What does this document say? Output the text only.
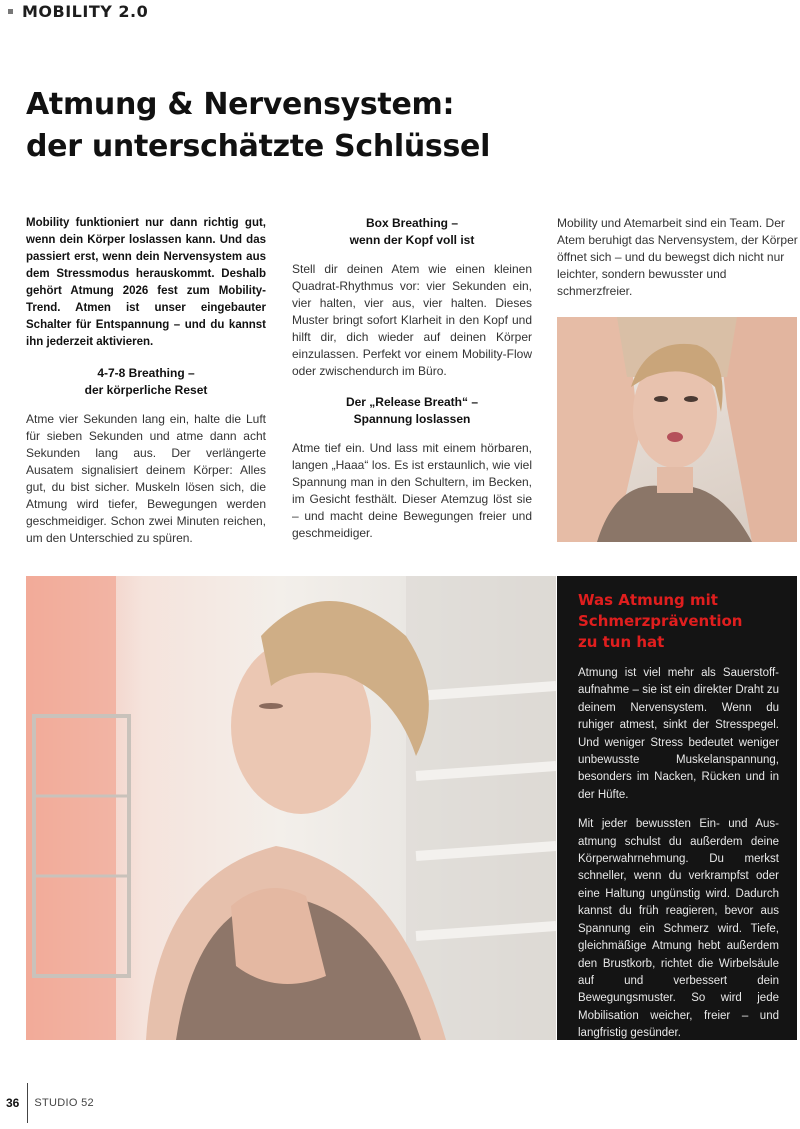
MOBILITY 2.0
Atmung & Nervensystem:
der unterschätzte Schlüssel

Mobility funktioniert nur dann richtig gut, wenn dein Körper loslassen kann. Und das passiert erst, wenn dein Nervensystem aus dem Stressmodus herauskommt. Deshalb gehört Atmung 2026 fest zum Mobility-Trend. Atmen ist unser eingebauter Schalter für Entspannung – und du kannst ihn jederzeit aktivieren.

4-7-8 Breathing –
der körperliche Reset

Atme vier Sekunden lang ein, halte die Luft für sieben Sekunden und atme dann acht Sekunden lang aus. Der verlängerte Ausatem signalisiert deinem Körper: Alles gut, du bist sicher. Muskeln lösen sich, die Atmung wird tiefer, Bewegungen werden geschmeidiger. Schon zwei Minuten reichen, um den Unterschied zu spüren.

Box Breathing –
wenn der Kopf voll ist

Stell dir deinen Atem wie einen kleinen Quadrat-Rhythmus vor: vier Sekunden ein, vier halten, vier aus, vier halten. Dieses Muster bringt sofort Klarheit in den Kopf und hilft dir, dich wieder auf deinen Körper einzulassen. Perfekt vor einem Mobility-Flow oder zwischendurch im Büro.

Der „Release Breath“ –
Spannung loslassen

Atme tief ein. Und lass mit einem hörbaren, langen „Haaa“ los. Es ist erstaunlich, wie viel Spannung man in den Schultern, im Becken, im Gesicht festhält. Dieser Atemzug löst sie – und macht deine Bewegungen freier und geschmeidiger.

Mobility und Atemarbeit sind ein Team. Der Atem beruhigt das Nervensystem, der Körper öffnet sich – und du bewegst dich nicht nur leichter, sondern bewusster und schmerzfreier.

Was Atmung mit
Schmerzprävention
zu tun hat

Atmung ist viel mehr als Sauerstoffaufnahme – sie ist ein direkter Draht zu deinem Nervensystem. Wenn du ruhiger atmest, sinkt der Stresspegel. Und weniger Stress bedeutet weniger unbewusste Muskelanspannung, besonders im Nacken, Rücken und in der Hüfte.

Mit jeder bewussten Ein- und Ausatmung schulst du außerdem deine Körperwahrnehmung. Du merkst schneller, wenn du verkrampfst oder eine Haltung ungünstig wird. Dadurch kannst du früh reagieren, bevor aus Spannung ein Schmerz wird. Tiefe, gleichmäßige Atmung hebt außerdem den Brustkorb, richtet die Wirbelsäule auf und verbessert dein Bewegungsmuster. So wird jede Mobilisation weicher, freier – und langfristig gesünder.

36 STUDIO 52
